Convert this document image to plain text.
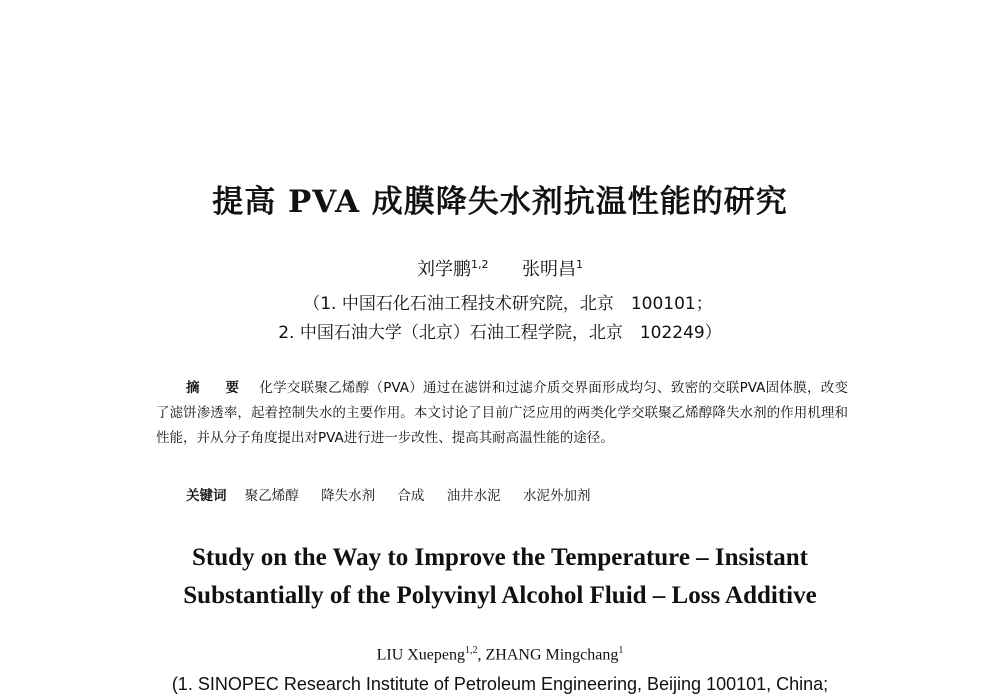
提高 PVA 成膜降失水剂抗温性能的研究
刘学鹏$^{1,2}$ 张明昌$^1$
（1. 中国石化石油工程技术研究院，北京　100101；
2. 中国石油大学（北京）石油工程学院，北京　102249）
摘　要 化学交联聚乙烯醇（PVA）通过在滤饼和过滤介质交界面形成均匀、致密的交联PVA固体膜，改变了滤饼渗透率，起着控制失水的主要作用。本文讨论了目前广泛应用的两类化学交联聚乙烯醇降失水剂的作用机理和性能，并从分子角度提出对PVA进行进一步改性、提高其耐高温性能的途径。
关键词 聚乙烯醇 降失水剂 合成 油井水泥 水泥外加剂
Study on the Way to Improve the Temperature – Insistant
Substantially of the Polyvinyl Alcohol Fluid – Loss Additive
LIU Xuepeng$^{1,2}$, ZHANG Mingchang$^1$
(1. SINOPEC Research Institute of Petroleum Engineering, Beijing 100101, China;
